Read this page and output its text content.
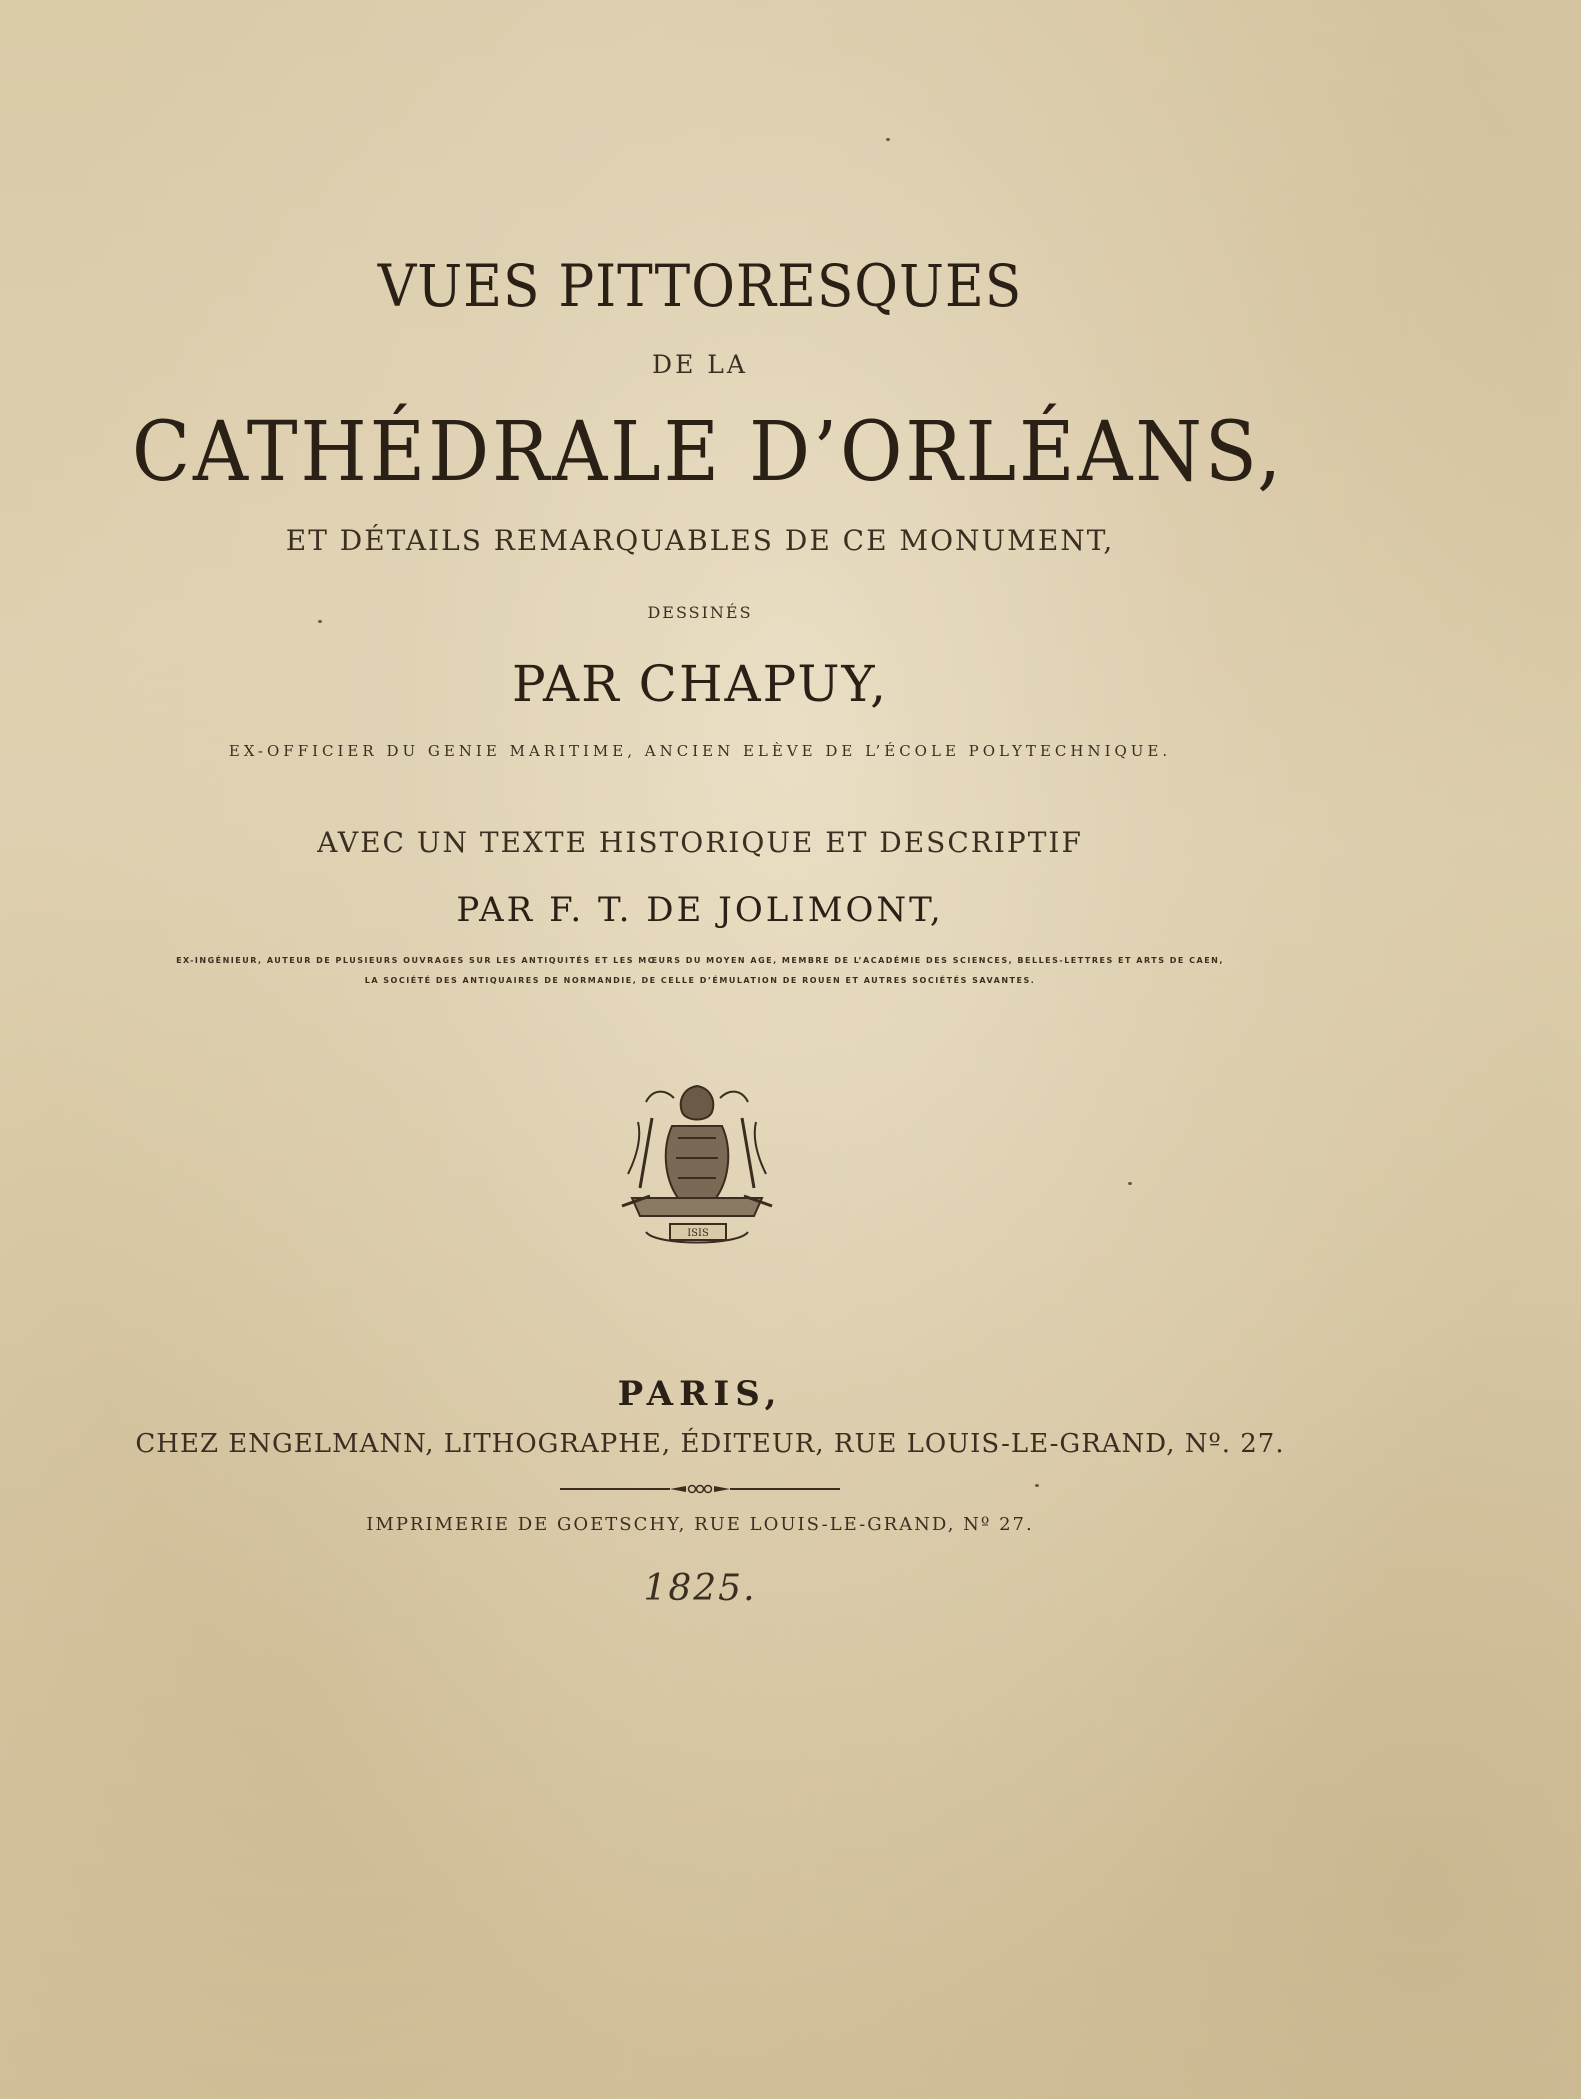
VUES PITTORESQUES
DE LA
CATHÉDRALE D’ORLÉANS,
ET DÉTAILS REMARQUABLES DE CE MONUMENT,
DESSINÉS
PAR CHAPUY,
EX-OFFICIER DU GENIE MARITIME, ANCIEN ELÈVE DE L’ÉCOLE POLYTECHNIQUE.
AVEC UN TEXTE HISTORIQUE ET DESCRIPTIF
PAR F. T. DE JOLIMONT,
EX-INGÉNIEUR, AUTEUR DE PLUSIEURS OUVRAGES SUR LES ANTIQUITÉS ET LES MŒURS DU MOYEN AGE, MEMBRE DE L’ACADÉMIE DES SCIENCES, BELLES-LETTRES ET ARTS DE CAEN,
LA SOCIÉTÉ DES ANTIQUAIRES DE NORMANDIE, DE CELLE D’ÉMULATION DE ROUEN ET AUTRES SOCIÉTÉS SAVANTES.
ISIS
PARIS,
CHEZ ENGELMANN, LITHOGRAPHE, ÉDITEUR, RUE LOUIS-LE-GRAND, Nº. 27.
IMPRIMERIE DE GOETSCHY, RUE LOUIS-LE-GRAND, Nº 27.
1825.
